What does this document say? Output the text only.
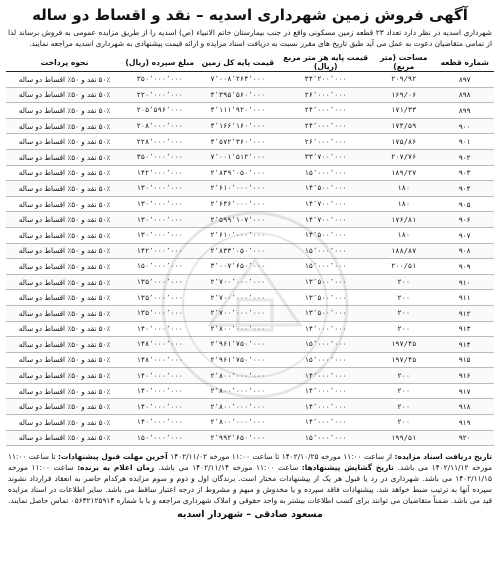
آگهی فروش زمین شهرداری اسدیه – نقد و اقساط دو ساله
شهرداری اسدیه در نظر دارد تعداد ۲۳ قطعه زمین مسکونی واقع در جنب بیمارستان خاتم الانبیاء (ص) اسدیه را از طریق مزایده عمومی به فروش برساند لذا از تمامی متقاضیان دعوت به عمل می آید طبق تاریخ های مقرر نسبت به دریافت اسناد مزایده و ارائه قیمت پیشنهادی به شهرداری اسدیه مراجعه نمایند.
شماره قطعه	مساحت (متر مربع)	قیمت پایه هر متر مربع (ریال)	قیمت پایه کل زمین	مبلغ سپرده (ریال)	نحوه پرداخت
۸۹۷	۲۰۹/۹۲	۳۴٬۲۰۰٬۰۰۰	۷٬۰۰۸٬۲۶۴٬۰۰۰	۳۵۰٬۰۰۰٬۰۰۰	۵۰٪ نقد و ۵۰٪ اقساط دو ساله
۸۹۸	۱۶۹/۰۶	۲۶٬۰۰۰٬۰۰۰	۴٬۳۹۵٬۵۶۰٬۰۰۰	۲۲۰٬۰۰۰٬۰۰۰	۵۰٪ نقد و ۵۰٪ اقساط دو ساله
۸۹۹	۱۷۱/۳۳	۲۴٬۰۰۰٬۰۰۰	۴٬۱۱۱٬۹۲۰٬۰۰۰	۲۰۵٬۵۹۶٬۰۰۰	۵۰٪ نقد و ۵۰٪ اقساط دو ساله
۹۰۰	۱۷۳/۵۹	۲۴٬۰۰۰٬۰۰۰	۴٬۱۶۶٬۱۶۰٬۰۰۰	۲۰۸٬۰۰۰٬۰۰۰	۵۰٪ نقد و ۵۰٪ اقساط دو ساله
۹۰۱	۱۷۵/۸۶	۲۶٬۰۰۰٬۰۰۰	۴٬۵۷۲٬۳۶۰٬۰۰۰	۲۲۸٬۰۰۰٬۰۰۰	۵۰٪ نقد و ۵۰٪ اقساط دو ساله
۹۰۲	۲۰۷/۷۶	۳۳٬۷۰۰٬۰۰۰	۷٬۰۰۱٬۵۱۲٬۰۰۰	۳۵۰٬۰۰۰٬۰۰۰	۵۰٪ نقد و ۵۰٪ اقساط دو ساله
۹۰۳	۱۸۹/۲۷	۱۵٬۰۰۰٬۰۰۰	۲٬۸۳۹٬۰۵۰٬۰۰۰	۱۴۲٬۰۰۰٬۰۰۰	۵۰٪ نقد و ۵۰٪ اقساط دو ساله
۹۰۴	۱۸۰	۱۴٬۵۰۰٬۰۰۰	۲٬۶۱۰٬۰۰۰٬۰۰۰	۱۳۰٬۰۰۰٬۰۰۰	۵۰٪ نقد و ۵۰٪ اقساط دو ساله
۹۰۵	۱۸۰	۱۴٬۷۰۰٬۰۰۰	۲٬۶۴۶٬۰۰۰٬۰۰۰	۱۳۰٬۰۰۰٬۰۰۰	۵۰٪ نقد و ۵۰٪ اقساط دو ساله
۹۰۶	۱۷۶/۸۱	۱۴٬۷۰۰٬۰۰۰	۲٬۵۹۹٬۱۰۷٬۰۰۰	۱۳۰٬۰۰۰٬۰۰۰	۵۰٪ نقد و ۵۰٪ اقساط دو ساله
۹۰۷	۱۸۰	۱۴٬۵۰۰٬۰۰۰	۲٬۶۱۰٬۰۰۰٬۰۰۰	۱۳۰٬۰۰۰٬۰۰۰	۵۰٪ نقد و ۵۰٪ اقساط دو ساله
۹۰۸	۱۸۸/۸۷	۱۵٬۰۰۰٬۰۰۰	۲٬۸۳۳٬۰۵۰٬۰۰۰	۱۴۲٬۰۰۰٬۰۰۰	۵۰٪ نقد و ۵۰٪ اقساط دو ساله
۹۰۹	۲۰۰/۵۱	۱۵٬۰۰۰٬۰۰۰	۳٬۰۰۷٬۶۵۰٬۰۰۰	۱۵۰٬۰۰۰٬۰۰۰	۵۰٪ نقد و ۵۰٪ اقساط دو ساله
۹۱۰	۲۰۰	۱۳٬۵۰۰٬۰۰۰	۲٬۷۰۰٬۰۰۰٬۰۰۰	۱۳۵٬۰۰۰٬۰۰۰	۵۰٪ نقد و ۵۰٪ اقساط دو ساله
۹۱۱	۲۰۰	۱۳٬۵۰۰٬۰۰۰	۲٬۷۰۰٬۰۰۰٬۰۰۰	۱۳۵٬۰۰۰٬۰۰۰	۵۰٪ نقد و ۵۰٪ اقساط دو ساله
۹۱۲	۲۰۰	۱۳٬۵۰۰٬۰۰۰	۲٬۷۰۰٬۰۰۰٬۰۰۰	۱۳۵٬۰۰۰٬۰۰۰	۵۰٪ نقد و ۵۰٪ اقساط دو ساله
۹۱۳	۲۰۰	۱۴٬۰۰۰٬۰۰۰	۲٬۸۰۰٬۰۰۰٬۰۰۰	۱۴۰٬۰۰۰٬۰۰۰	۵۰٪ نقد و ۵۰٪ اقساط دو ساله
۹۱۴	۱۹۷/۴۵	۱۵٬۰۰۰٬۰۰۰	۲٬۹۶۱٬۷۵۰٬۰۰۰	۱۴۸٬۰۰۰٬۰۰۰	۵۰٪ نقد و ۵۰٪ اقساط دو ساله
۹۱۵	۱۹۷/۴۵	۱۵٬۰۰۰٬۰۰۰	۲٬۹۶۱٬۷۵۰٬۰۰۰	۱۴۸٬۰۰۰٬۰۰۰	۵۰٪ نقد و ۵۰٪ اقساط دو ساله
۹۱۶	۲۰۰	۱۴٬۰۰۰٬۰۰۰	۲٬۸۰۰٬۰۰۰٬۰۰۰	۱۴۰٬۰۰۰٬۰۰۰	۵۰٪ نقد و ۵۰٪ اقساط دو ساله
۹۱۷	۲۰۰	۱۴٬۰۰۰٬۰۰۰	۲٬۸۰۰٬۰۰۰٬۰۰۰	۱۴۰٬۰۰۰٬۰۰۰	۵۰٪ نقد و ۵۰٪ اقساط دو ساله
۹۱۸	۲۰۰	۱۴٬۰۰۰٬۰۰۰	۲٬۸۰۰٬۰۰۰٬۰۰۰	۱۴۰٬۰۰۰٬۰۰۰	۵۰٪ نقد و ۵۰٪ اقساط دو ساله
۹۱۹	۲۰۰	۱۴٬۰۰۰٬۰۰۰	۲٬۸۰۰٬۰۰۰٬۰۰۰	۱۴۰٬۰۰۰٬۰۰۰	۵۰٪ نقد و ۵۰٪ اقساط دو ساله
۹۲۰	۱۹۹/۵۱	۱۵٬۰۰۰٬۰۰۰	۲٬۹۹۲٬۶۵۰٬۰۰۰	۱۵۰٬۰۰۰٬۰۰۰	۵۰٪ نقد و ۵۰٪ اقساط دو ساله
تاریخ دریافت اسناد مزایده: از ساعت ۱۱:۰۰ مورخه ۱۴۰۲/۱۰/۲۵ تا ساعت ۱۱:۰۰ مورخه ۱۴۰۲/۱۱/۰۲ آخرین مهلت قبول پیشنهادات: تا ساعت ۱۱:۰۰ مورخه ۱۴۰۲/۱۱/۱۲ می باشد. تاریخ گشایش پیشنهادها: ساعت ۱۱:۰۰ مورخه ۱۴۰۲/۱۱/۱۴ می باشد. زمان اعلام به برنده: ساعت ۱۱:۰۰ مورخه ۱۴۰۲/۱۱/۱۵ می باشد. شهرداری در رد یا قبول هر یک از پیشنهادات مختار است. برندگان اول و دوم و سوم مزایده هرکدام حاضر به انعقاد قرارداد نشوند سپرده آنها به ترتیب ضبط خواهد شد. پیشنهادات فاقد سپرده و یا مخدوش و مبهم و مشروط از درجه اعتبار ساقط می باشد. سایر اطلاعات در اسناد مزایده قید می باشد. ضمناً متقاضیان می توانند برای کسب اطلاعات بیشتر به واحد حقوقی و املاک شهرداری مراجعه و یا با شماره ۰۵۶۳۲۱۲۵۹۱۴ تماس حاصل نمایند.
مسعود صادقی – شهردار اسدیه
